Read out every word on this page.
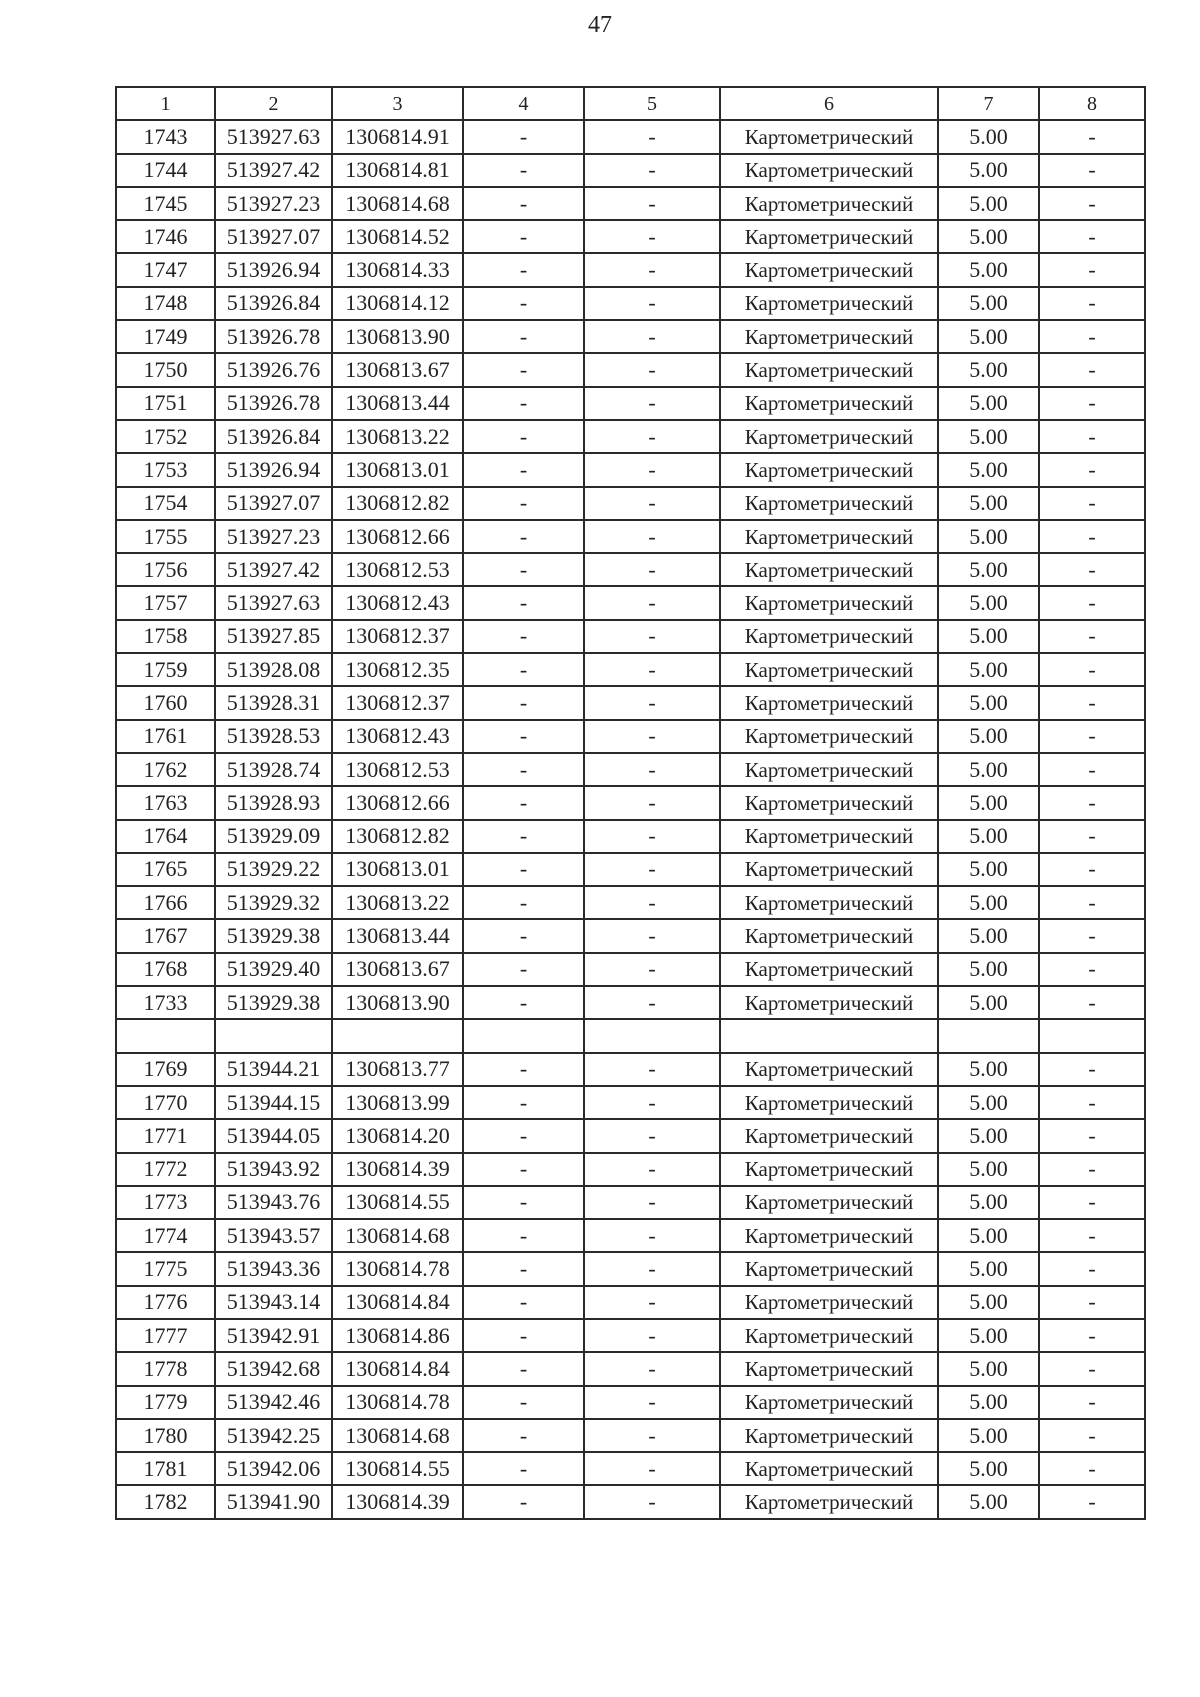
47
1	2	3	4	5	6	7	8
1743	513927.63	1306814.91	-	-	Картометрический	5.00	-
1744	513927.42	1306814.81	-	-	Картометрический	5.00	-
1745	513927.23	1306814.68	-	-	Картометрический	5.00	-
1746	513927.07	1306814.52	-	-	Картометрический	5.00	-
1747	513926.94	1306814.33	-	-	Картометрический	5.00	-
1748	513926.84	1306814.12	-	-	Картометрический	5.00	-
1749	513926.78	1306813.90	-	-	Картометрический	5.00	-
1750	513926.76	1306813.67	-	-	Картометрический	5.00	-
1751	513926.78	1306813.44	-	-	Картометрический	5.00	-
1752	513926.84	1306813.22	-	-	Картометрический	5.00	-
1753	513926.94	1306813.01	-	-	Картометрический	5.00	-
1754	513927.07	1306812.82	-	-	Картометрический	5.00	-
1755	513927.23	1306812.66	-	-	Картометрический	5.00	-
1756	513927.42	1306812.53	-	-	Картометрический	5.00	-
1757	513927.63	1306812.43	-	-	Картометрический	5.00	-
1758	513927.85	1306812.37	-	-	Картометрический	5.00	-
1759	513928.08	1306812.35	-	-	Картометрический	5.00	-
1760	513928.31	1306812.37	-	-	Картометрический	5.00	-
1761	513928.53	1306812.43	-	-	Картометрический	5.00	-
1762	513928.74	1306812.53	-	-	Картометрический	5.00	-
1763	513928.93	1306812.66	-	-	Картометрический	5.00	-
1764	513929.09	1306812.82	-	-	Картометрический	5.00	-
1765	513929.22	1306813.01	-	-	Картометрический	5.00	-
1766	513929.32	1306813.22	-	-	Картометрический	5.00	-
1767	513929.38	1306813.44	-	-	Картометрический	5.00	-
1768	513929.40	1306813.67	-	-	Картометрический	5.00	-
1733	513929.38	1306813.90	-	-	Картометрический	5.00	-

1769	513944.21	1306813.77	-	-	Картометрический	5.00	-
1770	513944.15	1306813.99	-	-	Картометрический	5.00	-
1771	513944.05	1306814.20	-	-	Картометрический	5.00	-
1772	513943.92	1306814.39	-	-	Картометрический	5.00	-
1773	513943.76	1306814.55	-	-	Картометрический	5.00	-
1774	513943.57	1306814.68	-	-	Картометрический	5.00	-
1775	513943.36	1306814.78	-	-	Картометрический	5.00	-
1776	513943.14	1306814.84	-	-	Картометрический	5.00	-
1777	513942.91	1306814.86	-	-	Картометрический	5.00	-
1778	513942.68	1306814.84	-	-	Картометрический	5.00	-
1779	513942.46	1306814.78	-	-	Картометрический	5.00	-
1780	513942.25	1306814.68	-	-	Картометрический	5.00	-
1781	513942.06	1306814.55	-	-	Картометрический	5.00	-
1782	513941.90	1306814.39	-	-	Картометрический	5.00	-
